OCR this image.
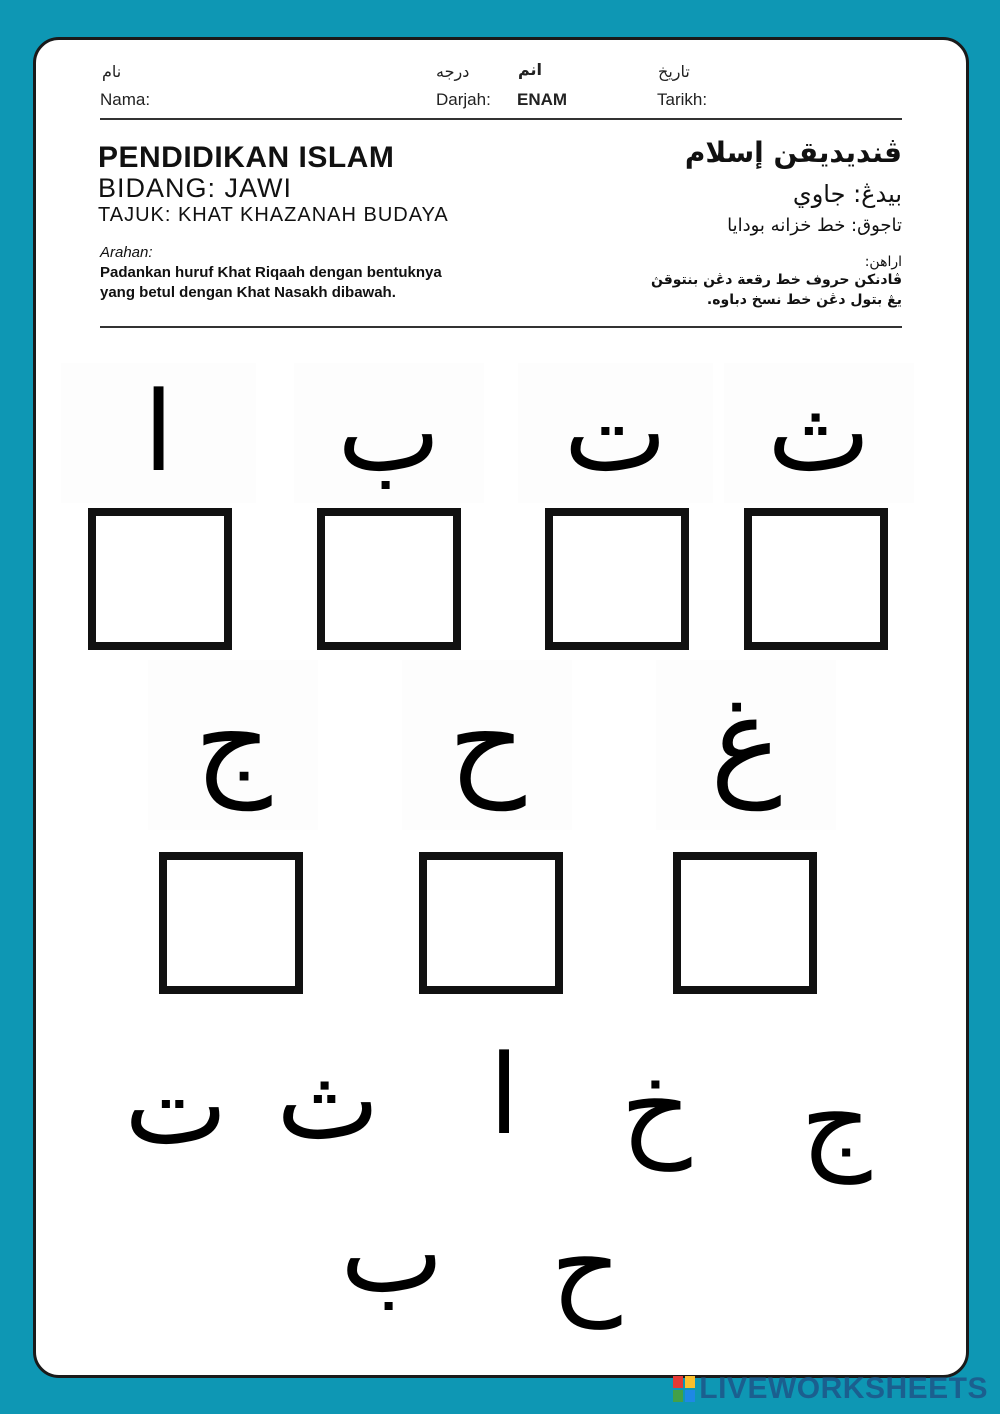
نام
Nama:
درجه
Darjah:
انم
ENAM
تاريخ
Tarikh:
PENDIDIKAN ISLAM
BIDANG: JAWI
TAJUK: KHAT KHAZANAH BUDAYA
ڤنديديقن إسلام
بيدڠ: جاوي
تاجوق: خط خزانه بودايا
Arahan:
Padankan huruf Khat Riqaah dengan bentuknya
yang betul dengan Khat Nasakh dibawah.
اراهن:
ڤادنكن حروف خط رقعة دڠن بنتوقڽ
يڠ بتول دڠن خط نسخ دباوه.
ا	ب	ت ث
ج	ح	غ
ت ث ا خ ج
ب ح
LIVEWORKSHEETS
